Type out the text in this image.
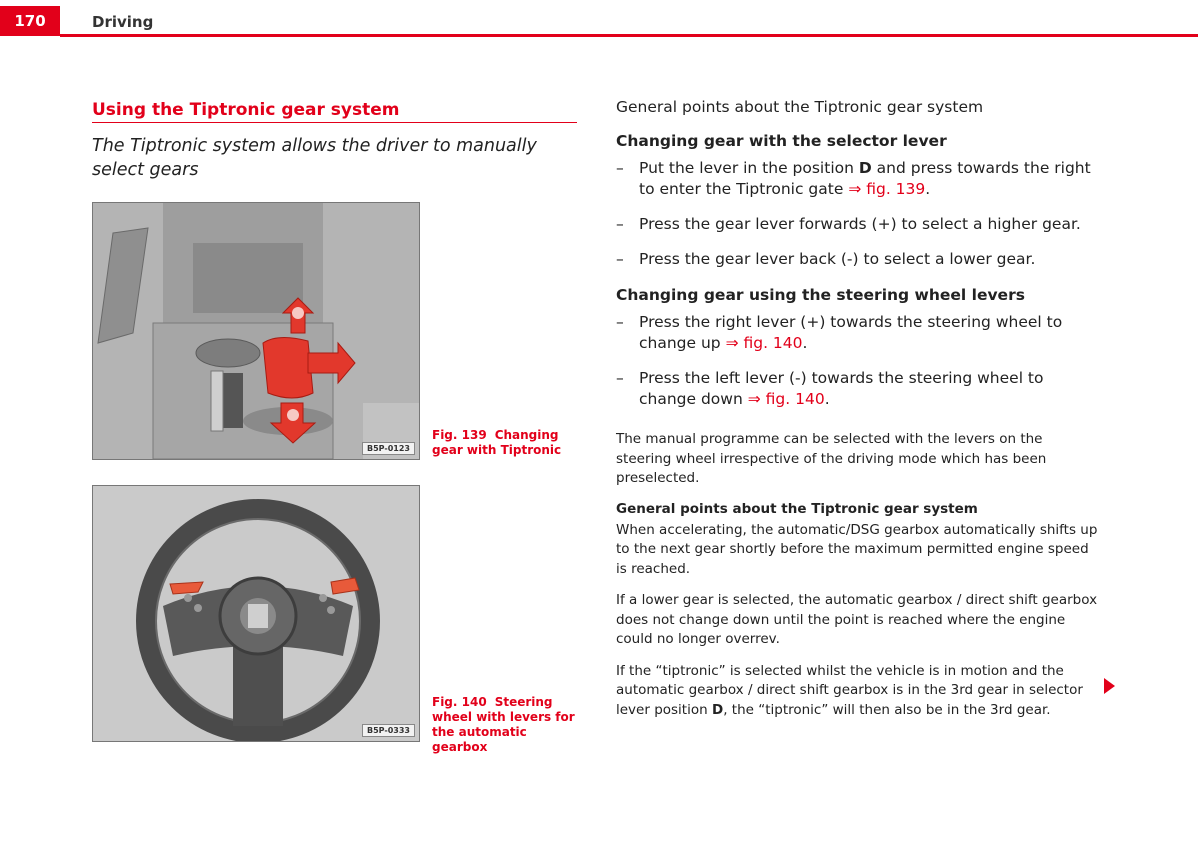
170	Driving
Using the Tiptronic gear system
The Tiptronic system allows the driver to manually select gears
B5P-0123
Fig. 139 Changing gear with Tiptronic
B5P-0333
Fig. 140 Steering wheel with levers for the automatic gearbox
General points about the Tiptronic gear system
Changing gear with the selector lever
– Put the lever in the position D and press towards the right to enter the Tiptronic gate ⇒ fig. 139.
– Press the gear lever forwards (+) to select a higher gear.
– Press the gear lever back (-) to select a lower gear.
Changing gear using the steering wheel levers
– Press the right lever (+) towards the steering wheel to change up ⇒ fig. 140.
– Press the left lever (-) towards the steering wheel to change down ⇒ fig. 140.
The manual programme can be selected with the levers on the steering wheel irrespective of the driving mode which has been preselected.
General points about the Tiptronic gear system
When accelerating, the automatic/DSG gearbox automatically shifts up to the next gear shortly before the maximum permitted engine speed is reached.
If a lower gear is selected, the automatic gearbox / direct shift gearbox does not change down until the point is reached where the engine could no longer overrev.
If the “tiptronic” is selected whilst the vehicle is in motion and the automatic gearbox / direct shift gearbox is in the 3rd gear in selector lever position D, the “tiptronic” will then also be in the 3rd gear.
